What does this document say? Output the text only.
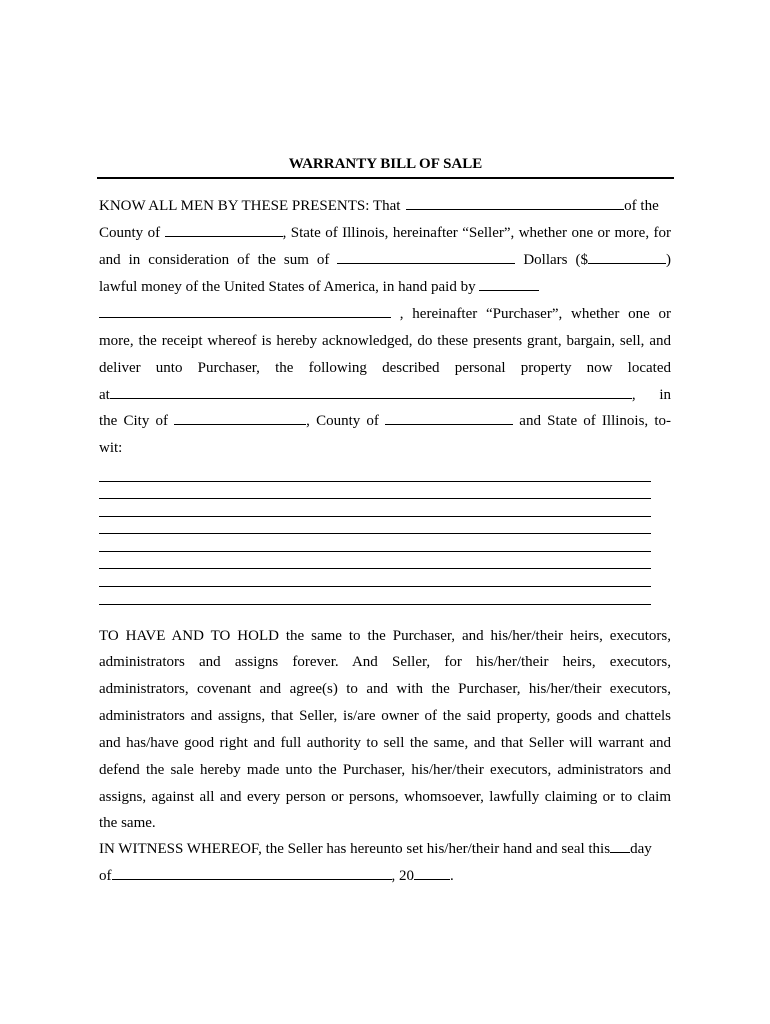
WARRANTY BILL OF SALE
KNOW ALL MEN BY THESE PRESENTS: That	of the
County of	, State of Illinois, hereinafter “Seller”, whether one or more, for
and in consideration of the sum of	Dollars ($	)
lawful money of the United States of America, in hand paid by
, hereinafter “Purchaser”, whether one or
more, the receipt whereof is hereby acknowledged, do these presents grant, bargain, sell, and
deliver unto Purchaser, the following described personal property now located
at	, in
the City of	, County of	and State of Illinois, to-
wit:
TO HAVE AND TO HOLD the same to the Purchaser, and his/her/their heirs, executors,
administrators and assigns forever. And Seller, for his/her/their heirs, executors,
administrators, covenant and agree(s) to and with the Purchaser, his/her/their executors,
administrators and assigns, that Seller, is/are owner of the said property, goods and chattels
and has/have good right and full authority to sell the same, and that Seller will warrant and
defend the sale hereby made unto the Purchaser, his/her/their executors, administrators and
assigns, against all and every person or persons, whomsoever, lawfully claiming or to claim
the same.
IN WITNESS WHEREOF, the Seller has hereunto set his/her/their hand and seal this day
of	, 20 .
